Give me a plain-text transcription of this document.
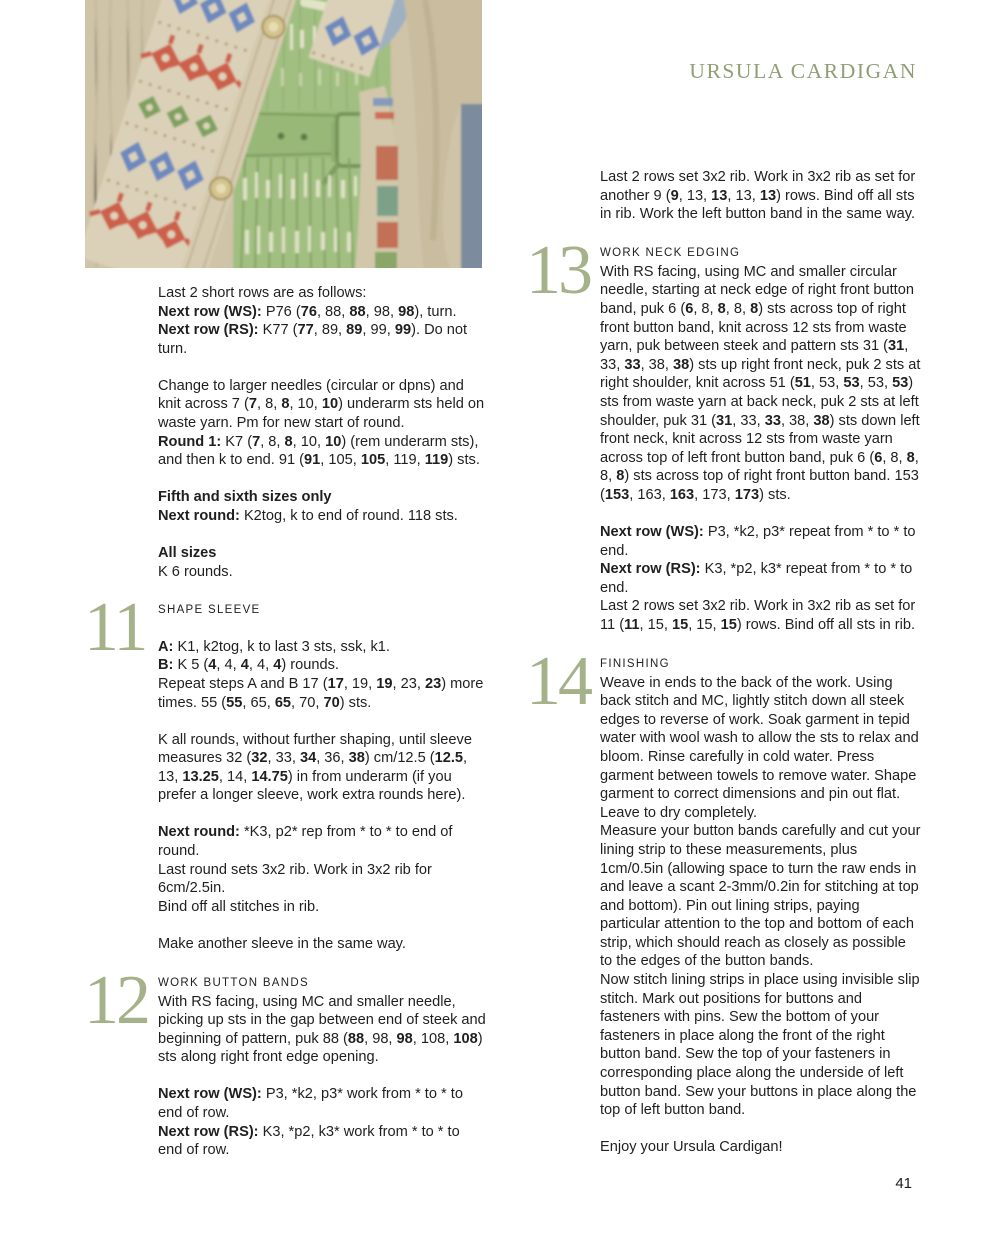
URSULA CARDIGAN

Last 2 short rows are as follows:
Next row (WS): P76 (76, 88, 88, 98, 98), turn.
Next row (RS): K77 (77, 89, 89, 99, 99). Do not turn.

Change to larger needles (circular or dpns) and knit across 7 (7, 8, 8, 10, 10) underarm sts held on waste yarn. Pm for new start of round.
Round 1: K7 (7, 8, 8, 10, 10) (rem underarm sts), and then k to end. 91 (91, 105, 105, 119, 119) sts.

Fifth and sixth sizes only
Next round: K2tog, k to end of round. 118 sts.

All sizes
K 6 rounds.

11	SHAPE SLEEVE

A: K1, k2tog, k to last 3 sts, ssk, k1.
B: K 5 (4, 4, 4, 4, 4) rounds.
Repeat steps A and B 17 (17, 19, 19, 23, 23) more times. 55 (55, 65, 65, 70, 70) sts.

K all rounds, without further shaping, until sleeve measures 32 (32, 33, 34, 36, 38) cm/12.5 (12.5, 13, 13.25, 14, 14.75) in from underarm (if you prefer a longer sleeve, work extra rounds here).

Next round: *K3, p2* rep from * to * to end of round.
Last round sets 3x2 rib. Work in 3x2 rib for 6cm/2.5in.
Bind off all stitches in rib.

Make another sleeve in the same way.

12 WORK BUTTON BANDS

With RS facing, using MC and smaller needle, picking up sts in the gap between end of steek and beginning of pattern, puk 88 (88, 98, 98, 108, 108) sts along right front edge opening.

Next row (WS): P3, *k2, p3* work from * to * to end of row.
Next row (RS): K3, *p2, k3* work from * to * to end of row.

Last 2 rows set 3x2 rib. Work in 3x2 rib as set for another 9 (9, 13, 13, 13, 13) rows. Bind off all sts in rib. Work the left button band in the same way.

13 WORK NECK EDGING

With RS facing, using MC and smaller circular needle, starting at neck edge of right front button band, puk 6 (6, 8, 8, 8, 8) sts across top of right front button band, knit across 12 sts from waste yarn, puk between steek and pattern sts 31 (31, 33, 33, 38, 38) sts up right front neck, puk 2 sts at right shoulder, knit across 51 (51, 53, 53, 53, 53) sts from waste yarn at back neck, puk 2 sts at left shoulder, puk 31 (31, 33, 33, 38, 38) sts down left front neck, knit across 12 sts from waste yarn across top of left front button band, puk 6 (6, 8, 8, 8, 8) sts across top of right front button band. 153 (153, 163, 163, 173, 173) sts.

Next row (WS): P3, *k2, p3* repeat from * to * to end.
Next row (RS): K3, *p2, k3* repeat from * to * to end.
Last 2 rows set 3x2 rib. Work in 3x2 rib as set for 11 (11, 15, 15, 15, 15) rows. Bind off all sts in rib.

14 FINISHING

Weave in ends to the back of the work. Using back stitch and MC, lightly stitch down all steek edges to reverse of work. Soak garment in tepid water with wool wash to allow the sts to relax and bloom. Rinse carefully in cold water. Press garment between towels to remove water. Shape garment to correct dimensions and pin out flat. Leave to dry completely.
Measure your button bands carefully and cut your lining strip to these measurements, plus 1cm/0.5in (allowing space to turn the raw ends in and leave a scant 2-3mm/0.2in for stitching at top and bottom). Pin out lining strips, paying particular attention to the top and bottom of each strip, which should reach as closely as possible to the edges of the button bands.
Now stitch lining strips in place using invisible slip stitch. Mark out positions for buttons and fasteners with pins. Sew the bottom of your fasteners in place along the front of the right button band. Sew the top of your fasteners in corresponding place along the underside of left button band. Sew your buttons in place along the top of left button band.

Enjoy your Ursula Cardigan!

41
